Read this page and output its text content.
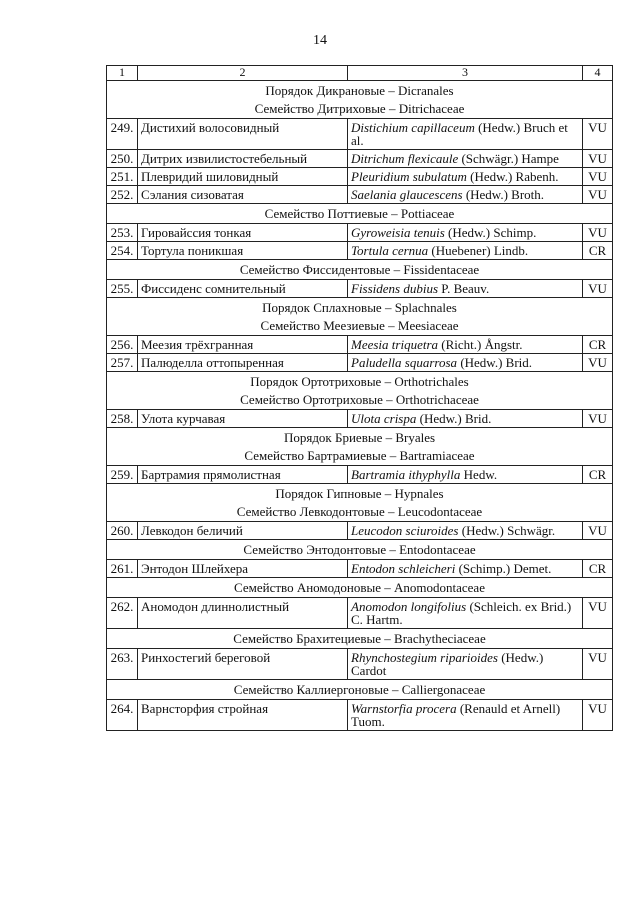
14
1	2	3	4

Порядок Дикрановые – Dicranales
Семейство Дитриховые – Ditrichaceae			

249.	Дистихий волосовидный	Distichium capillaceum (Hedw.) Bruch et al.	VU
250.	Дитрих извилистостебельный	Ditrichum flexicaule (Schwägr.) Hampe	VU
251.	Плевридий шиловидный	Pleuridium subulatum (Hedw.) Rabenh.	VU
252.	Сэлания сизоватая	Saelania glaucescens (Hedw.) Broth.	VU

Семейство Поттиевые – Pottiaceae			

253.	Гировайссия тонкая	Gyroweisia tenuis (Hedw.) Schimp.	VU
254.	Тортула поникшая	Tortula cernua (Huebener) Lindb.	CR

Семейство Фиссидентовые – Fissidentaceae			

255.	Фиссиденс сомнительный	Fissidens dubius P. Beauv.	VU

Порядок Сплахновые – Splachnales
Семейство Меезиевые – Meesiaceae			

256.	Меезия трёхгранная	Meesia triquetra (Richt.) Ångstr.	CR
257.	Палюделла оттопыренная	Paludella squarrosa (Hedw.) Brid.	VU

Порядок Ортотриховые – Orthotrichales
Семейство Ортотриховые – Orthotrichaceae			

258.	Улота курчавая	Ulota crispa (Hedw.) Brid.	VU

Порядок Бриевые – Bryales
Семейство Бартрамиевые – Bartramiaceae			

259.	Бартрамия прямолистная	Bartramia ithyphylla Hedw.	CR

Порядок Гипновые – Hypnales
Семейство Левкодонтовые – Leucodontaceae			

260.	Левкодон беличий	Leucodon sciuroides (Hedw.) Schwägr.	VU

Семейство Энтодонтовые – Entodontaceae			

261.	Энтодон Шлейхера	Entodon schleicheri (Schimp.) Demet.	CR

Семейство Аномодоновые – Anomodontaceae			

262.	Аномодон длиннолистный	Anomodon longifolius (Schleich. ex Brid.) C. Hartm.	VU

Семейство Брахитециевые – Brachytheciaceae			

263.	Ринхостегий береговой	Rhynchostegium riparioides (Hedw.) Cardot	VU

Семейство Каллиергоновые – Calliergonaceae			

264.	Варнсторфия стройная	Warnstorfia procera (Renauld et Arnell) Tuom.	VU
